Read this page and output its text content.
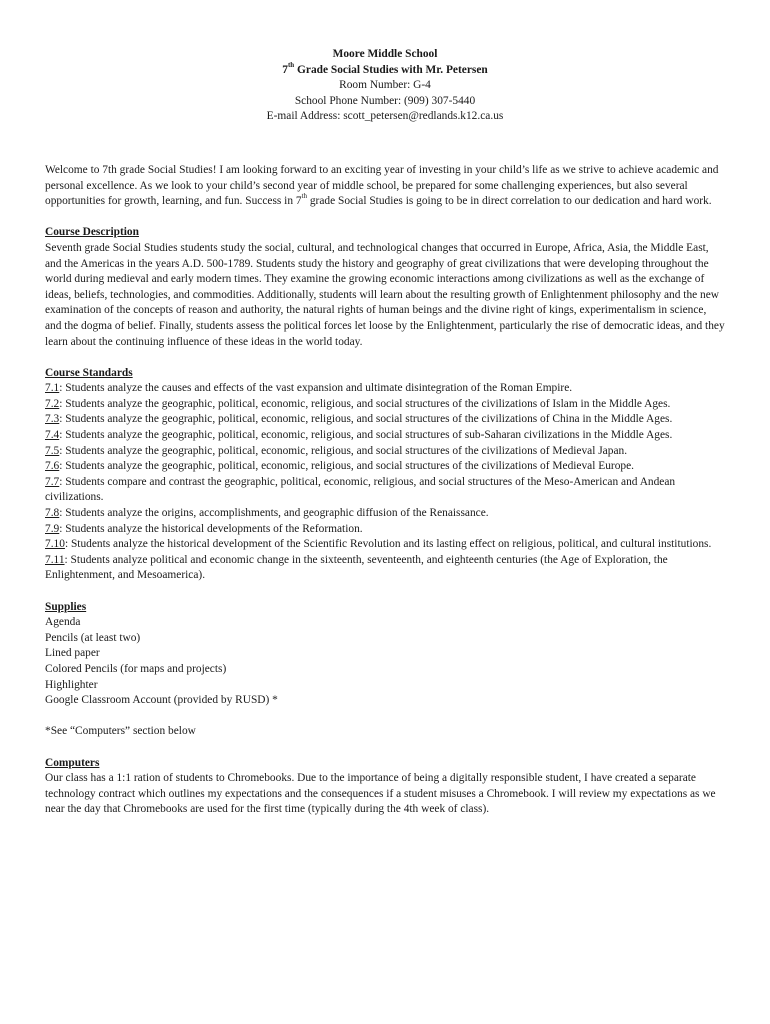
Moore Middle School
7th Grade Social Studies with Mr. Petersen
Room Number: G-4
School Phone Number: (909) 307-5440
E-mail Address: scott_petersen@redlands.k12.ca.us

Welcome to 7th grade Social Studies! I am looking forward to an exciting year of investing in your child’s life as we strive to achieve academic and personal excellence. As we look to your child’s second year of middle school, be prepared for some challenging experiences, but also several opportunities for growth, learning, and fun. Success in 7th grade Social Studies is going to be in direct correlation to our dedication and hard work.

Course Description

Seventh grade Social Studies students study the social, cultural, and technological changes that occurred in Europe, Africa, Asia, the Middle East, and the Americas in the years A.D. 500-1789. Students study the history and geography of great civilizations that were developing throughout the world during medieval and early modern times. They examine the growing economic interactions among civilizations as well as the exchange of ideas, beliefs, technologies, and commodities. Additionally, students will learn about the resulting growth of Enlightenment philosophy and the new examination of the concepts of reason and authority, the natural rights of human beings and the divine right of kings, experimentalism in science, and the dogma of belief. Finally, students assess the political forces let loose by the Enlightenment, particularly the rise of democratic ideas, and they learn about the continuing influence of these ideas in the world today.

Course Standards
7.1: Students analyze the causes and effects of the vast expansion and ultimate disintegration of the Roman Empire.
7.2: Students analyze the geographic, political, economic, religious, and social structures of the civilizations of Islam in the Middle Ages.
7.3: Students analyze the geographic, political, economic, religious, and social structures of the civilizations of China in the Middle Ages.
7.4: Students analyze the geographic, political, economic, religious, and social structures of sub-Saharan civilizations in the Middle Ages.
7.5: Students analyze the geographic, political, economic, religious, and social structures of the civilizations of Medieval Japan.
7.6: Students analyze the geographic, political, economic, religious, and social structures of the civilizations of Medieval Europe.
7.7: Students compare and contrast the geographic, political, economic, religious, and social structures of the Meso-American and Andean civilizations.
7.8: Students analyze the origins, accomplishments, and geographic diffusion of the Renaissance.
7.9: Students analyze the historical developments of the Reformation.
7.10: Students analyze the historical development of the Scientific Revolution and its lasting effect on religious, political, and cultural institutions.
7.11: Students analyze political and economic change in the sixteenth, seventeenth, and eighteenth centuries (the Age of Exploration, the Enlightenment, and Mesoamerica).
Supplies
Agenda
Pencils (at least two)
Lined paper
Colored Pencils (for maps and projects)
Highlighter
Google Classroom Account (provided by RUSD) *

*See “Computers” section below

Computers

Our class has a 1:1 ration of students to Chromebooks. Due to the importance of being a digitally responsible student, I have created a separate technology contract which outlines my expectations and the consequences if a student misuses a Chromebook. I will review my expectations as we near the day that Chromebooks are used for the first time (typically during the 4th week of class).
